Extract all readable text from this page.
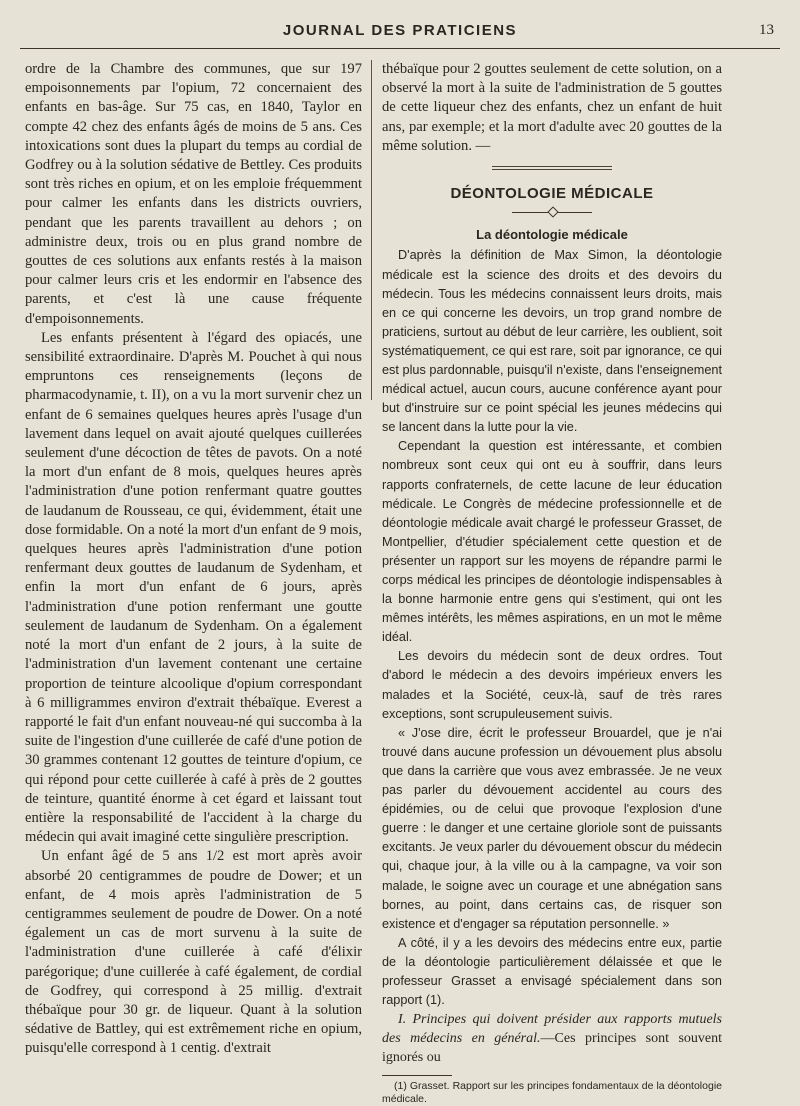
JOURNAL DES PRATICIENS	13

ordre de la Chambre des communes, que sur 197 empoisonnements par l'opium, 72 concernaient des enfants en bas-âge. Sur 75 cas, en 1840, Taylor en compte 42 chez des enfants âgés de moins de 5 ans. Ces intoxications sont dues la plupart du temps au cordial de Godfrey ou à la solution sédative de Bettley. Ces produits sont très riches en opium, et on les emploie fréquemment pour calmer les enfants dans les districts ouvriers, pendant que les parents travaillent au dehors ; on administre deux, trois ou en plus grand nombre de gouttes de ces solutions aux enfants restés à la maison pour calmer leurs cris et les endormir en l'absence des parents, et c'est là une cause fréquente d'empoisonnements.

Les enfants présentent à l'égard des opiacés, une sensibilité extraordinaire. D'après M. Pouchet à qui nous empruntons ces renseignements (leçons de pharmacodynamie, t. II), on a vu la mort survenir chez un enfant de 6 semaines quelques heures après l'usage d'un lavement dans lequel on avait ajouté quelques cuillerées seulement d'une décoction de têtes de pavots. On a noté la mort d'un enfant de 8 mois, quelques heures après l'administration d'une potion renfermant quatre gouttes de laudanum de Rousseau, ce qui, évidemment, était une dose formidable. On a noté la mort d'un enfant de 9 mois, quelques heures après l'administration d'une potion renfermant deux gouttes de laudanum de Sydenham, et enfin la mort d'un enfant de 6 jours, après l'administration d'une potion renfermant une goutte seulement de laudanum de Sydenham. On a également noté la mort d'un enfant de 2 jours, à la suite de l'administration d'un lavement contenant une certaine proportion de teinture alcoolique d'opium correspondant à 6 milligrammes environ d'extrait thébaïque. Everest a rapporté le fait d'un enfant nouveau-né qui succomba à la suite de l'ingestion d'une cuillerée de café d'une potion de 30 grammes contenant 12 gouttes de teinture d'opium, ce qui répond pour cette cuillerée à café à près de 2 gouttes de teinture, quantité énorme à cet égard et laissant tout entière la responsabilité de l'accident à la charge du médecin qui avait imaginé cette singulière prescription.

Un enfant âgé de 5 ans 1/2 est mort après avoir absorbé 20 centigrammes de poudre de Dower; et un enfant, de 4 mois après l'administration de 5 centigrammes seulement de poudre de Dower. On a noté également un cas de mort survenu à la suite de l'administration d'une cuillerée à café d'élixir parégorique; d'une cuillerée à café également, de cordial de Godfrey, qui correspond à 25 millig. d'extrait thébaïque pour 30 gr. de liqueur. Quant à la solution sédative de Battley, qui est extrêmement riche en opium, puisqu'elle correspond à 1 centig. d'extrait

thébaïque pour 2 gouttes seulement de cette solution, on a observé la mort à la suite de l'administration de 5 gouttes de cette liqueur chez des enfants, chez un enfant de huit ans, par exemple; et la mort d'adulte avec 20 gouttes de la même solution. —

DÉONTOLOGIE MÉDICALE
La déontologie médicale

D'après la définition de Max Simon, la déontologie médicale est la science des droits et des devoirs du médecin. Tous les médecins connaissent leurs droits, mais en ce qui concerne les devoirs, un trop grand nombre de praticiens, surtout au début de leur carrière, les oublient, soit systématiquement, ce qui est rare, soit par ignorance, ce qui est plus pardonnable, puisqu'il n'existe, dans l'enseignement médical actuel, aucun cours, aucune conférence ayant pour but d'instruire sur ce point spécial les jeunes médecins qui se lancent dans la lutte pour la vie.

Cependant la question est intéressante, et combien nombreux sont ceux qui ont eu à souffrir, dans leurs rapports confraternels, de cette lacune de leur éducation médicale. Le Congrès de médecine professionnelle et de déontologie médicale avait chargé le professeur Grasset, de Montpellier, d'étudier spécialement cette question et de présenter un rapport sur les moyens de répandre parmi le corps médical les principes de déontologie indispensables à la bonne harmonie entre gens qui s'estiment, qui ont les mêmes intérêts, les mêmes aspirations, en un mot le même idéal.

Les devoirs du médecin sont de deux ordres. Tout d'abord le médecin a des devoirs impérieux envers les malades et la Société, ceux-là, sauf de très rares exceptions, sont scrupuleusement suivis.

« J'ose dire, écrit le professeur Brouardel, que je n'ai trouvé dans aucune profession un dévouement plus absolu que dans la carrière que vous avez embrassée. Je ne veux pas parler du dévouement accidentel au cours des épidémies, ou de celui que provoque l'explosion d'une guerre : le danger et une certaine gloriole sont de puissants excitants. Je veux parler du dévouement obscur du médecin qui, chaque jour, à la ville ou à la campagne, va voir son malade, le soigne avec un courage et une abnégation sans bornes, au point, dans certains cas, de risquer son existence et d'engager sa réputation personnelle. »

A côté, il y a les devoirs des médecins entre eux, partie de la déontologie particulièrement délaissée et que le professeur Grasset a envisagé spécialement dans son rapport (1).

I. Principes qui doivent présider aux rapports mutuels des médecins en général.—Ces principes sont souvent ignorés ou

(1) Grasset. Rapport sur les principes fondamentaux de la déontologie médicale.
